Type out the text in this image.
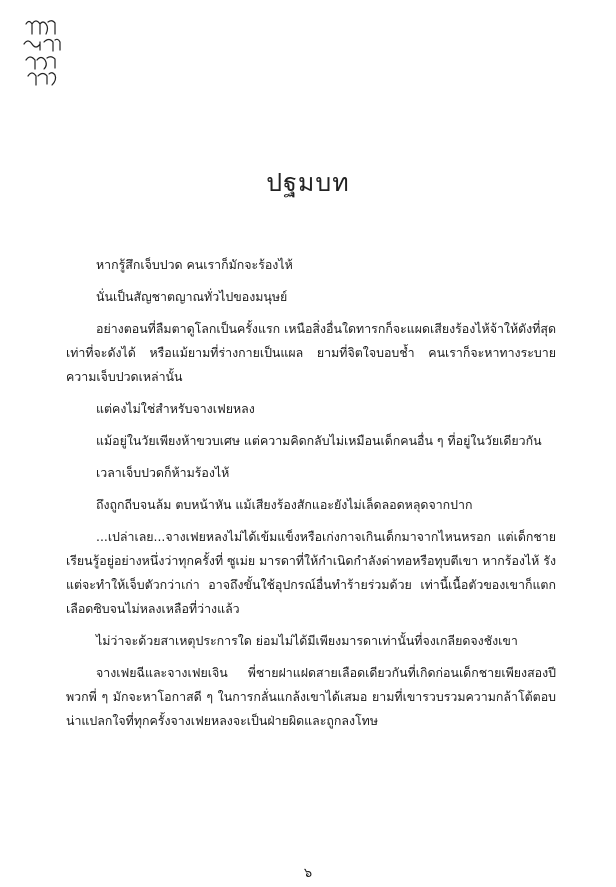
ปฐมบท

หากรู้สึกเจ็บปวด คนเราก็มักจะร้องไห้

นั่นเป็นสัญชาตญาณทั่วไปของมนุษย์

อย่างตอนที่ลืมตาดูโลกเป็นครั้งแรก เหนือสิ่งอื่นใดทารกก็จะแผดเสียงร้องไห้จ้าให้ดังที่สุดเท่าที่จะดังได้ หรือแม้ยามที่ร่างกายเป็นแผล ยามที่จิตใจบอบช้ำ คนเราก็จะหาทางระบายความเจ็บปวดเหล่านั้น

แต่คงไม่ใช่สำหรับจางเฟยหลง

แม้อยู่ในวัยเพียงห้าขวบเศษ แต่ความคิดกลับไม่เหมือนเด็กคนอื่น ๆ ที่อยู่ในวัยเดียวกัน

เวลาเจ็บปวดก็ห้ามร้องไห้

ถึงถูกถีบจนล้ม ตบหน้าหัน แม้เสียงร้องสักแอะยังไม่เล็ดลอดหลุดจากปาก

...เปล่าเลย...จางเฟยหลงไม่ได้เข้มแข็งหรือเก่งกาจเกินเด็กมาจากไหนหรอก แต่เด็กชายเรียนรู้อยู่อย่างหนึ่งว่าทุกครั้งที่ ซูเม่ย มารดาที่ให้กำเนิดกำลังด่าทอหรือทุบตีเขา หากร้องไห้ รังแต่จะทำให้เจ็บตัวกว่าเก่า อาจถึงขั้นใช้อุปกรณ์อื่นทำร้ายร่วมด้วย เท่านี้เนื้อตัวของเขาก็แตกเลือดซิบจนไม่หลงเหลือที่ว่างแล้ว

ไม่ว่าจะด้วยสาเหตุประการใด ย่อมไม่ได้มีเพียงมารดาเท่านั้นที่จงเกลียดจงชังเขา

จางเฟยฉีและจางเฟยเจิน พี่ชายฝาแฝดสายเลือดเดียวกันที่เกิดก่อนเด็กชายเพียงสองปี พวกพี่ ๆ มักจะหาโอกาสดี ๆ ในการกลั่นแกล้งเขาได้เสมอ ยามที่เขารวบรวมความกล้าโต้ตอบ น่าแปลกใจที่ทุกครั้งจางเฟยหลงจะเป็นฝ่ายผิดและถูกลงโทษ

๖
